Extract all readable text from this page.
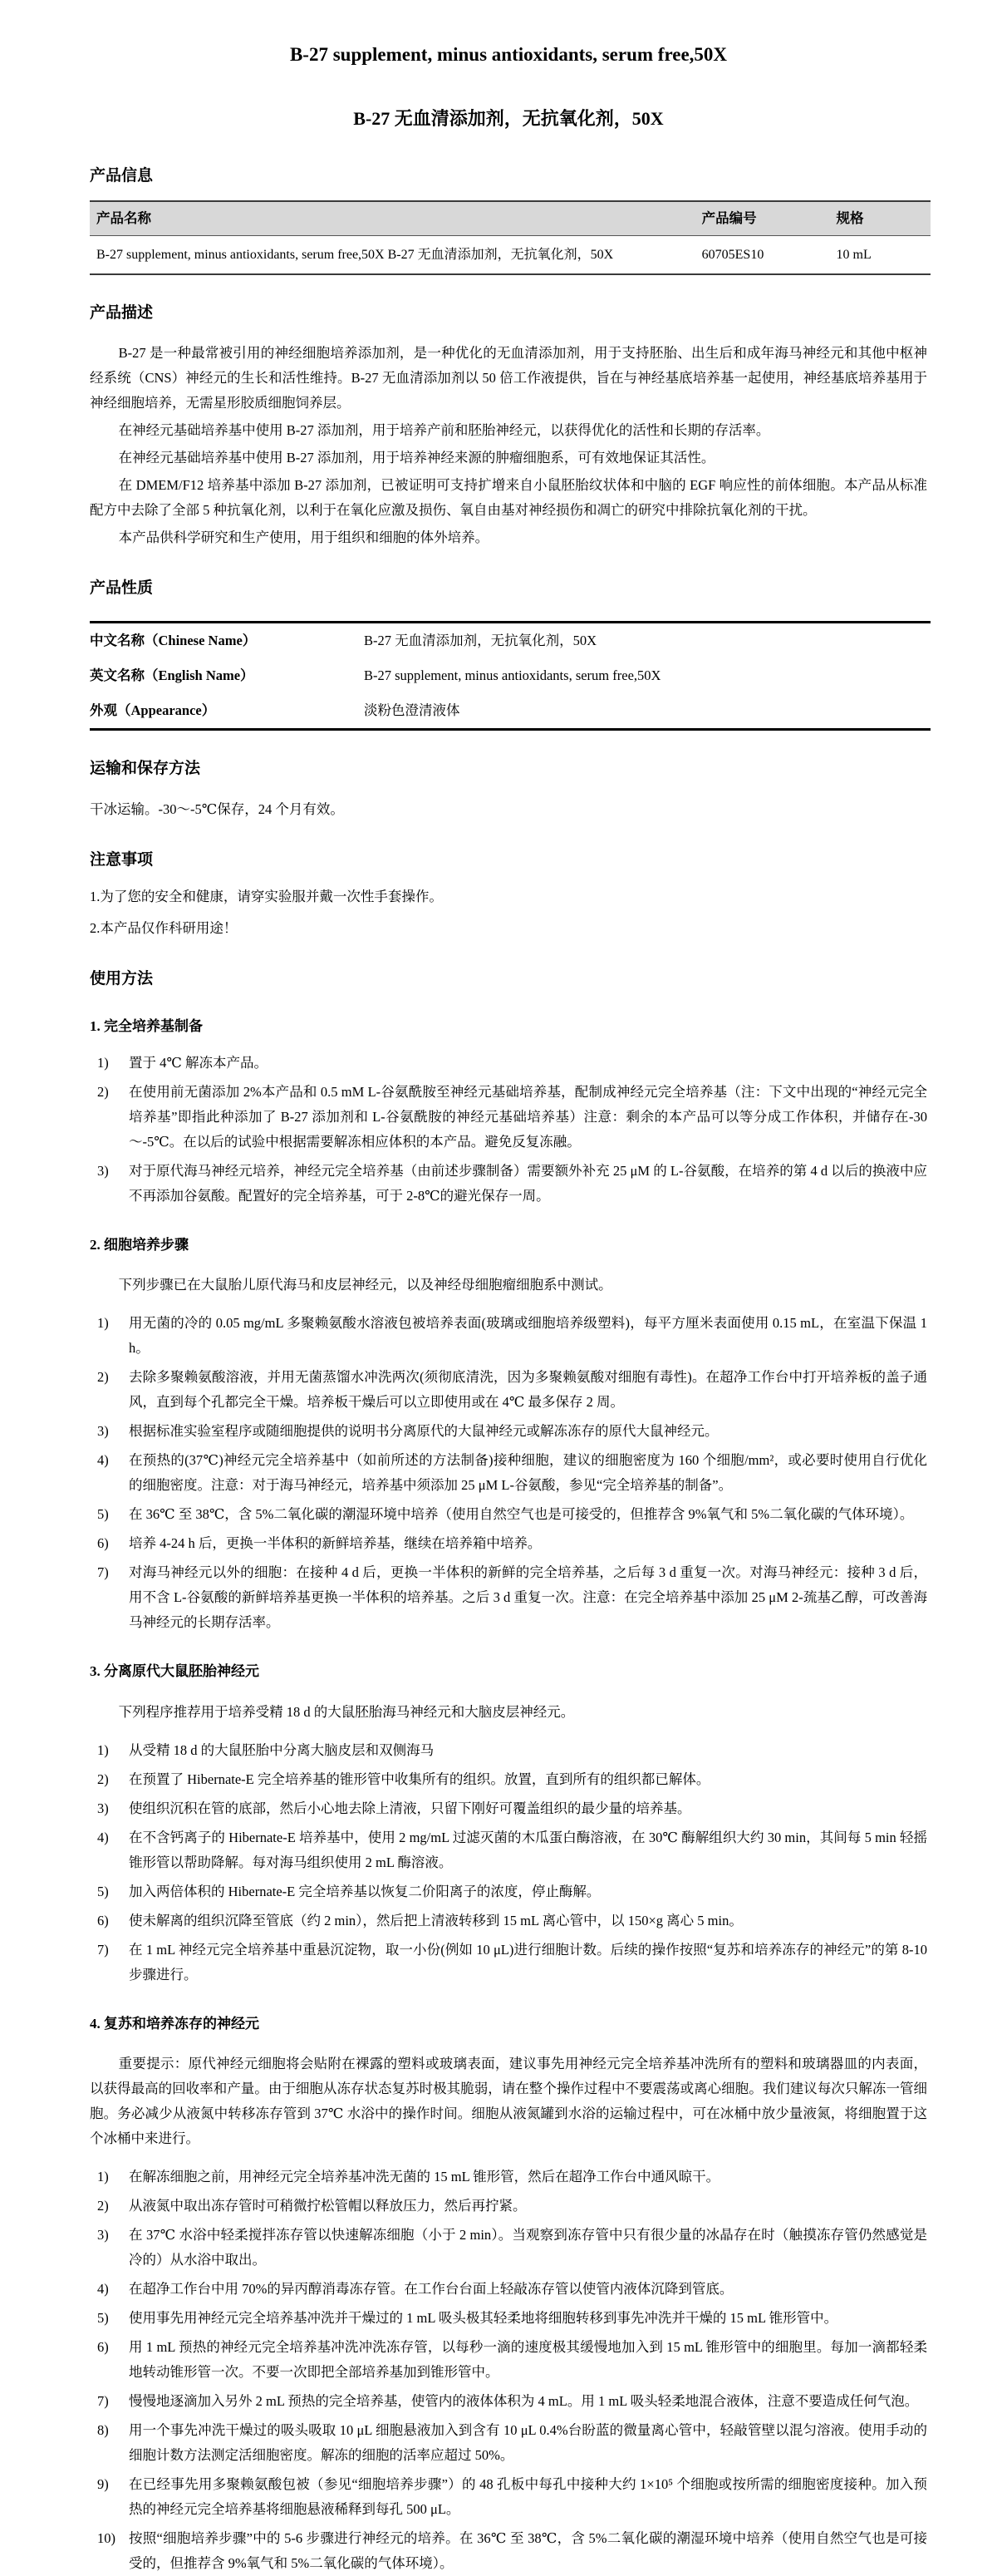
B-27 supplement, minus antioxidants, serum free,50X
B-27 无血清添加剂，无抗氧化剂，50X
产品信息
产品名称	产品编号	规格
B-27 supplement, minus antioxidants, serum free,50X B-27 无血清添加剂，无抗氧化剂，50X	60705ES10	10 mL
产品描述

B-27 是一种最常被引用的神经细胞培养添加剂，是一种优化的无血清添加剂，用于支持胚胎、出生后和成年海马神经元和其他中枢神经系统（CNS）神经元的生长和活性维持。B-27 无血清添加剂以 50 倍工作液提供，旨在与神经基底培养基一起使用，神经基底培养基用于神经细胞培养，无需星形胶质细胞饲养层。

在神经元基础培养基中使用 B-27 添加剂，用于培养产前和胚胎神经元，以获得优化的活性和长期的存活率。

在神经元基础培养基中使用 B-27 添加剂，用于培养神经来源的肿瘤细胞系，可有效地保证其活性。

在 DMEM/F12 培养基中添加 B-27 添加剂，已被证明可支持扩增来自小鼠胚胎纹状体和中脑的 EGF 响应性的前体细胞。本产品从标准配方中去除了全部 5 种抗氧化剂，以利于在氧化应激及损伤、氧自由基对神经损伤和凋亡的研究中排除抗氧化剂的干扰。

本产品供科学研究和生产使用，用于组织和细胞的体外培养。

产品性质
中文名称（Chinese Name）	B-27 无血清添加剂，无抗氧化剂，50X
英文名称（English Name）	B-27 supplement, minus antioxidants, serum free,50X
外观（Appearance）	淡粉色澄清液体
运输和保存方法

干冰运输。-30～-5℃保存，24 个月有效。

注意事项

1.为了您的安全和健康，请穿实验服并戴一次性手套操作。

2.本产品仅作科研用途！

使用方法
1. 完全培养基制备
1)	置于 4℃ 解冻本产品。
2)	在使用前无菌添加 2%本产品和 0.5 mM L-谷氨酰胺至神经元基础培养基，配制成神经元完全培养基（注：下文中出现的“神经元完全培养基”即指此种添加了 B-27 添加剂和 L-谷氨酰胺的神经元基础培养基）注意：剩余的本产品可以等分成工作体积，并储存在-30～-5℃。在以后的试验中根据需要解冻相应体积的本产品。避免反复冻融。
3)	对于原代海马神经元培养，神经元完全培养基（由前述步骤制备）需要额外补充 25 μM 的 L-谷氨酸，在培养的第 4 d 以后的换液中应不再添加谷氨酸。配置好的完全培养基，可于 2-8℃的避光保存一周。
2. 细胞培养步骤

下列步骤已在大鼠胎儿原代海马和皮层神经元，以及神经母细胞瘤细胞系中测试。

1)	用无菌的冷的 0.05 mg/mL 多聚赖氨酸水溶液包被培养表面(玻璃或细胞培养级塑料)，每平方厘米表面使用 0.15 mL，在室温下保温 1 h。
2)	去除多聚赖氨酸溶液，并用无菌蒸馏水冲洗两次(须彻底清洗，因为多聚赖氨酸对细胞有毒性)。在超净工作台中打开培养板的盖子通风，直到每个孔都完全干燥。培养板干燥后可以立即使用或在 4℃ 最多保存 2 周。
3)	根据标准实验室程序或随细胞提供的说明书分离原代的大鼠神经元或解冻冻存的原代大鼠神经元。
4)	在预热的(37℃)神经元完全培养基中（如前所述的方法制备)接种细胞，建议的细胞密度为 160 个细胞/mm²，或必要时使用自行优化的细胞密度。注意：对于海马神经元，培养基中须添加 25 μM L-谷氨酸，参见“完全培养基的制备”。
5)	在 36℃ 至 38℃，含 5%二氧化碳的潮湿环境中培养（使用自然空气也是可接受的，但推荐含 9%氧气和 5%二氧化碳的气体环境）。
6)	培养 4-24 h 后，更换一半体积的新鲜培养基，继续在培养箱中培养。
7)	对海马神经元以外的细胞：在接种 4 d 后，更换一半体积的新鲜的完全培养基，之后每 3 d 重复一次。对海马神经元：接种 3 d 后，用不含 L-谷氨酸的新鲜培养基更换一半体积的培养基。之后 3 d 重复一次。注意：在完全培养基中添加 25 μM 2-巯基乙醇，可改善海马神经元的长期存活率。
3. 分离原代大鼠胚胎神经元

下列程序推荐用于培养受精 18 d 的大鼠胚胎海马神经元和大脑皮层神经元。

1)	从受精 18 d 的大鼠胚胎中分离大脑皮层和双侧海马
2)	在预置了 Hibernate-E 完全培养基的锥形管中收集所有的组织。放置，直到所有的组织都已解体。
3)	使组织沉积在管的底部，然后小心地去除上清液，只留下刚好可覆盖组织的最少量的培养基。
4)	在不含钙离子的 Hibernate-E 培养基中，使用 2 mg/mL 过滤灭菌的木瓜蛋白酶溶液，在 30℃ 酶解组织大约 30 min，其间每 5 min 轻摇锥形管以帮助降解。每对海马组织使用 2 mL 酶溶液。
5)	加入两倍体积的 Hibernate-E 完全培养基以恢复二价阳离子的浓度，停止酶解。
6)	使未解离的组织沉降至管底（约 2 min），然后把上清液转移到 15 mL 离心管中，以 150×g 离心 5 min。
7)	在 1 mL 神经元完全培养基中重悬沉淀物，取一小份(例如 10 μL)进行细胞计数。后续的操作按照“复苏和培养冻存的神经元”的第 8-10 步骤进行。
4. 复苏和培养冻存的神经元

重要提示：原代神经元细胞将会贴附在裸露的塑料或玻璃表面，建议事先用神经元完全培养基冲洗所有的塑料和玻璃器皿的内表面，以获得最高的回收率和产量。由于细胞从冻存状态复苏时极其脆弱，请在整个操作过程中不要震荡或离心细胞。我们建议每次只解冻一管细胞。务必减少从液氮中转移冻存管到 37℃ 水浴中的操作时间。细胞从液氮罐到水浴的运输过程中，可在冰桶中放少量液氮，将细胞置于这个冰桶中来进行。

1)	在解冻细胞之前，用神经元完全培养基冲洗无菌的 15 mL 锥形管，然后在超净工作台中通风晾干。
2)	从液氮中取出冻存管时可稍微拧松管帽以释放压力，然后再拧紧。
3)	在 37℃ 水浴中轻柔搅拌冻存管以快速解冻细胞（小于 2 min）。当观察到冻存管中只有很少量的冰晶存在时（触摸冻存管仍然感觉是冷的）从水浴中取出。
4)	在超净工作台中用 70%的异丙醇消毒冻存管。在工作台台面上轻敲冻存管以使管内液体沉降到管底。
5)	使用事先用神经元完全培养基冲洗并干燥过的 1 mL 吸头极其轻柔地将细胞转移到事先冲洗并干燥的 15 mL 锥形管中。
6)	用 1 mL 预热的神经元完全培养基冲洗冲洗冻存管，以每秒一滴的速度极其缓慢地加入到 15 mL 锥形管中的细胞里。每加一滴都轻柔地转动锥形管一次。不要一次即把全部培养基加到锥形管中。
7)	慢慢地逐滴加入另外 2 mL 预热的完全培养基，使管内的液体体积为 4 mL。用 1 mL 吸头轻柔地混合液体，注意不要造成任何气泡。
8)	用一个事先冲洗干燥过的吸头吸取 10 μL 细胞悬液加入到含有 10 μL 0.4%台盼蓝的微量离心管中，轻敲管壁以混匀溶液。使用手动的细胞计数方法测定活细胞密度。解冻的细胞的活率应超过 50%。
9)	在已经事先用多聚赖氨酸包被（参见“细胞培养步骤”）的 48 孔板中每孔中接种大约 1×10⁵ 个细胞或按所需的细胞密度接种。加入预热的神经元完全培养基将细胞悬液稀释到每孔 500 μL。
10) 按照“细胞培养步骤”中的 5-6 步骤进行神经元的培养。在 36℃ 至 38℃，含 5%二氧化碳的潮湿环境中培养（使用自然空气也是可接受的，但推荐含 9%氧气和 5%二氧化碳的气体环境）。
